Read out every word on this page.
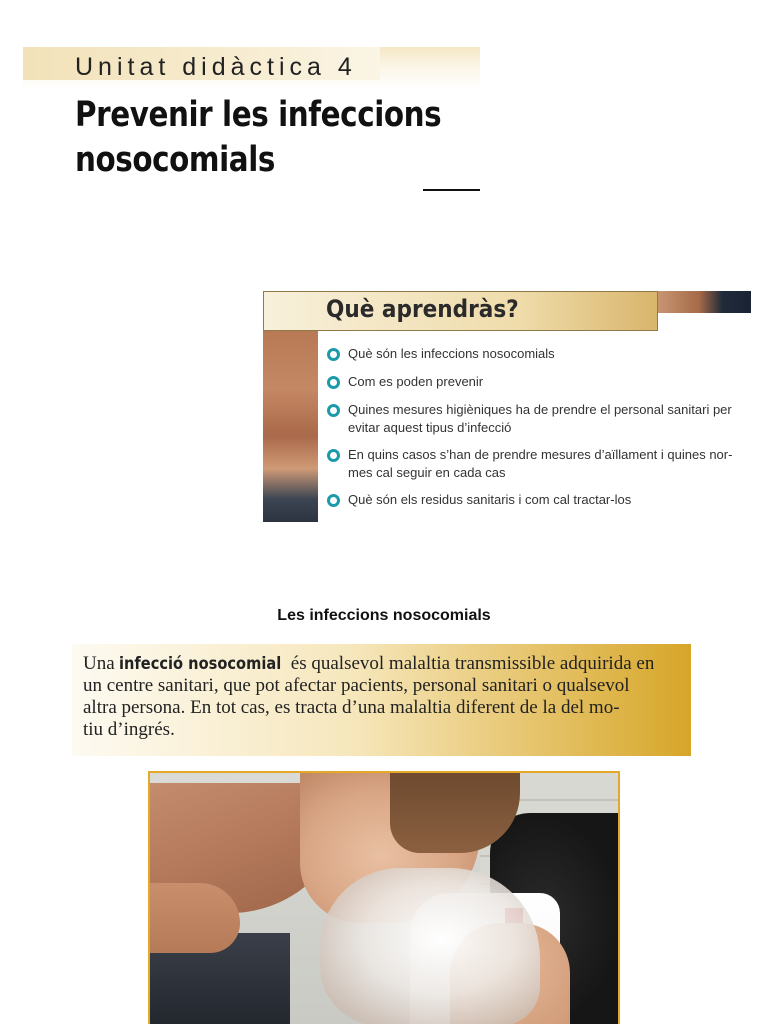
Unitat didàctica 4
Prevenir les infeccions
nosocomials
Què aprendràs?
Què són les infeccions nosocomials
Com es poden prevenir
Quines mesures higièniques ha de prendre el personal sanitari per
evitar aquest tipus d’infecció
En quins casos s’han de prendre mesures d’aïllament i quines nor-
mes cal seguir en cada cas
Què són els residus sanitaris i com cal tractar-los
Les infeccions nosocomials
Una infecció nosocomial és qualsevol malaltia transmissible adquirida en
un centre sanitari, que pot afectar pacients, personal sanitari o qualsevol
altra persona. En tot cas, es tracta d’una malaltia diferent de la del mo-
tiu d’ingrés.
